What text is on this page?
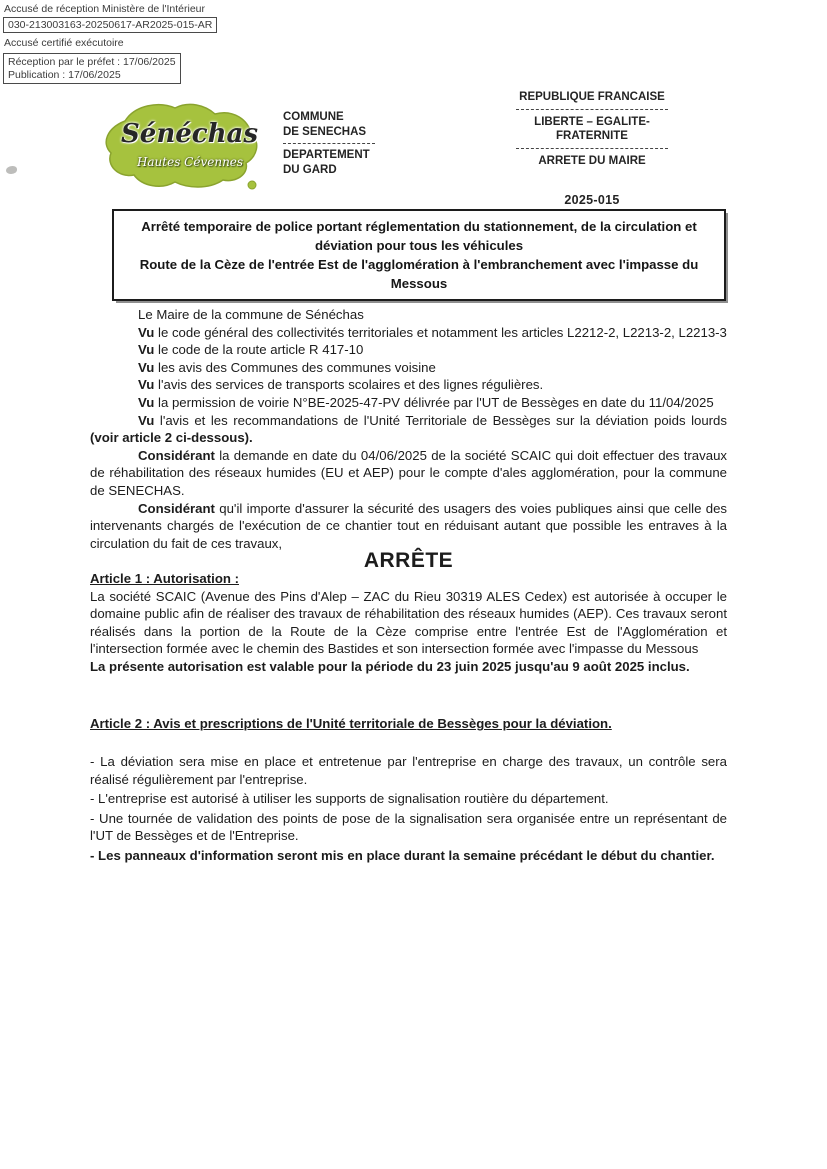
Accusé de réception Ministère de l'Intérieur
030-213003163-20250617-AR2025-015-AR
Accusé certifié exécutoire
Réception par le préfet : 17/06/2025
Publication : 17/06/2025
Sénéchas
Hautes Cévennes
COMMUNE
DE SENECHAS
DEPARTEMENT
DU GARD
REPUBLIQUE FRANCAISE
LIBERTE – EGALITE- FRATERNITE
ARRETE DU MAIRE
2025-015

Arrêté temporaire de police portant réglementation du stationnement, de la circulation et déviation pour tous les véhicules

Route de la Cèze de l'entrée Est de l'agglomération à l'embranchement avec l'impasse du Messous

Le Maire de la commune de Sénéchas

Vu le code général des collectivités territoriales et notamment les articles L2212-2, L2213-2, L2213-3

Vu le code de la route article R 417-10

Vu les avis des Communes des communes voisine

Vu l'avis des services de transports scolaires et des lignes régulières.

Vu la permission de voirie N°BE-2025-47-PV délivrée par l'UT de Bessèges en date du 11/04/2025

Vu l'avis et les recommandations de l'Unité Territoriale de Bessèges sur la déviation poids lourds (voir article 2 ci-dessous).

Considérant la demande en date du 04/06/2025 de la société SCAIC qui doit effectuer des travaux de réhabilitation des réseaux humides (EU et AEP) pour le compte d'ales agglomération, pour la commune de SENECHAS.

Considérant qu'il importe d'assurer la sécurité des usagers des voies publiques ainsi que celle des intervenants chargés de l'exécution de ce chantier tout en réduisant autant que possible les entraves à la circulation du fait de ces travaux,

ARRÊTE

Article 1 : Autorisation :

La société SCAIC (Avenue des Pins d'Alep – ZAC du Rieu 30319 ALES Cedex) est autorisée à occuper le domaine public afin de réaliser des travaux de réhabilitation des réseaux humides (AEP). Ces travaux seront réalisés dans la portion de la Route de la Cèze comprise entre l'entrée Est de l'Agglomération et l'intersection formée avec le chemin des Bastides et son intersection formée avec l'impasse du Messous

La présente autorisation est valable pour la période du 23 juin 2025 jusqu'au 9 août 2025 inclus.

Article 2 : Avis et prescriptions de l'Unité territoriale de Bessèges pour la déviation.

- La déviation sera mise en place et entretenue par l'entreprise en charge des travaux, un contrôle sera réalisé régulièrement par l'entreprise.

- L'entreprise est autorisé à utiliser les supports de signalisation routière du département.

- Une tournée de validation des points de pose de la signalisation sera organisée entre un représentant de l'UT de Bessèges et de l'Entreprise.

- Les panneaux d'information seront mis en place durant la semaine précédant le début du chantier.
